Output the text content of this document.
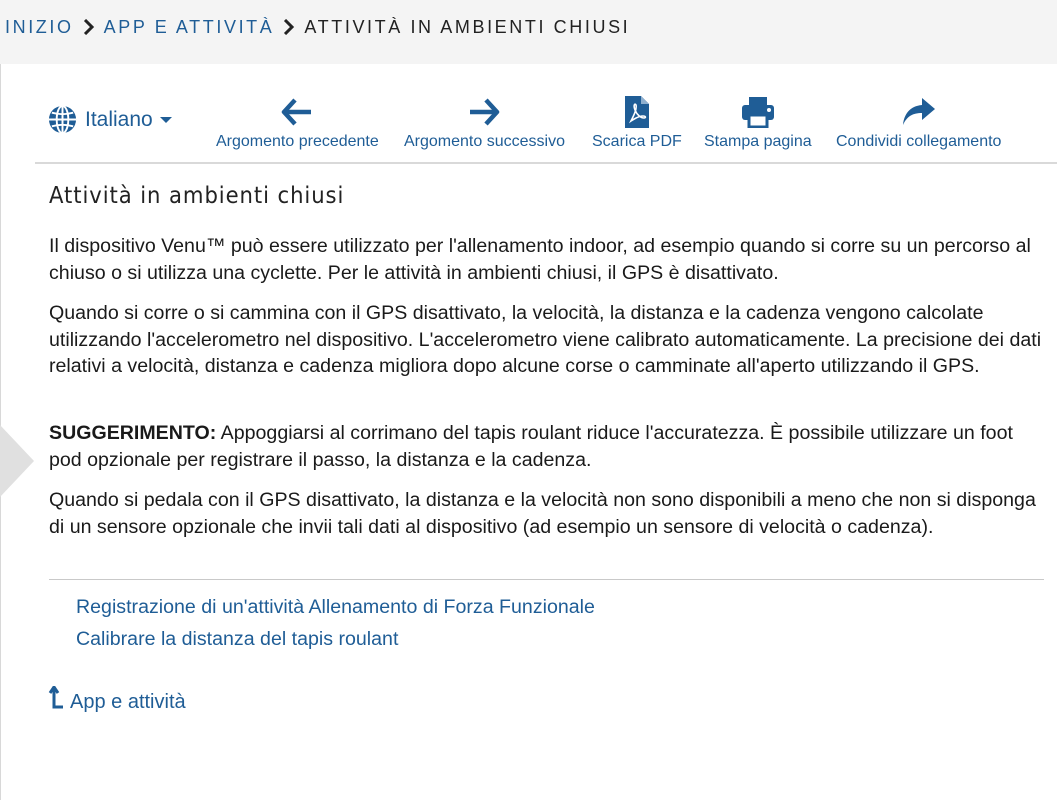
INIZIO APP E ATTIVITÀ ATTIVITÀ IN AMBIENTI CHIUSI
Italiano
Argomento precedente Argomento successivo Scarica PDF Stampa pagina Condividi collegamento
Attività in ambienti chiusi

Il dispositivo Venu™ può essere utilizzato per l'allenamento indoor, ad esempio quando si corre su un percorso al chiuso o si utilizza una cyclette. Per le attività in ambienti chiusi, il GPS è disattivato.

Quando si corre o si cammina con il GPS disattivato, la velocità, la distanza e la cadenza vengono calcolate utilizzando l'accelerometro nel dispositivo. L'accelerometro viene calibrato automaticamente. La precisione dei dati relativi a velocità, distanza e cadenza migliora dopo alcune corse o camminate all'aperto utilizzando il GPS.

SUGGERIMENTO: Appoggiarsi al corrimano del tapis roulant riduce l'accuratezza. È possibile utilizzare un foot pod opzionale per registrare il passo, la distanza e la cadenza.

Quando si pedala con il GPS disattivato, la distanza e la velocità non sono disponibili a meno che non si disponga di un sensore opzionale che invii tali dati al dispositivo (ad esempio un sensore di velocità o cadenza).

Registrazione di un'attività Allenamento di Forza Funzionale
Calibrare la distanza del tapis roulant
App e attività
